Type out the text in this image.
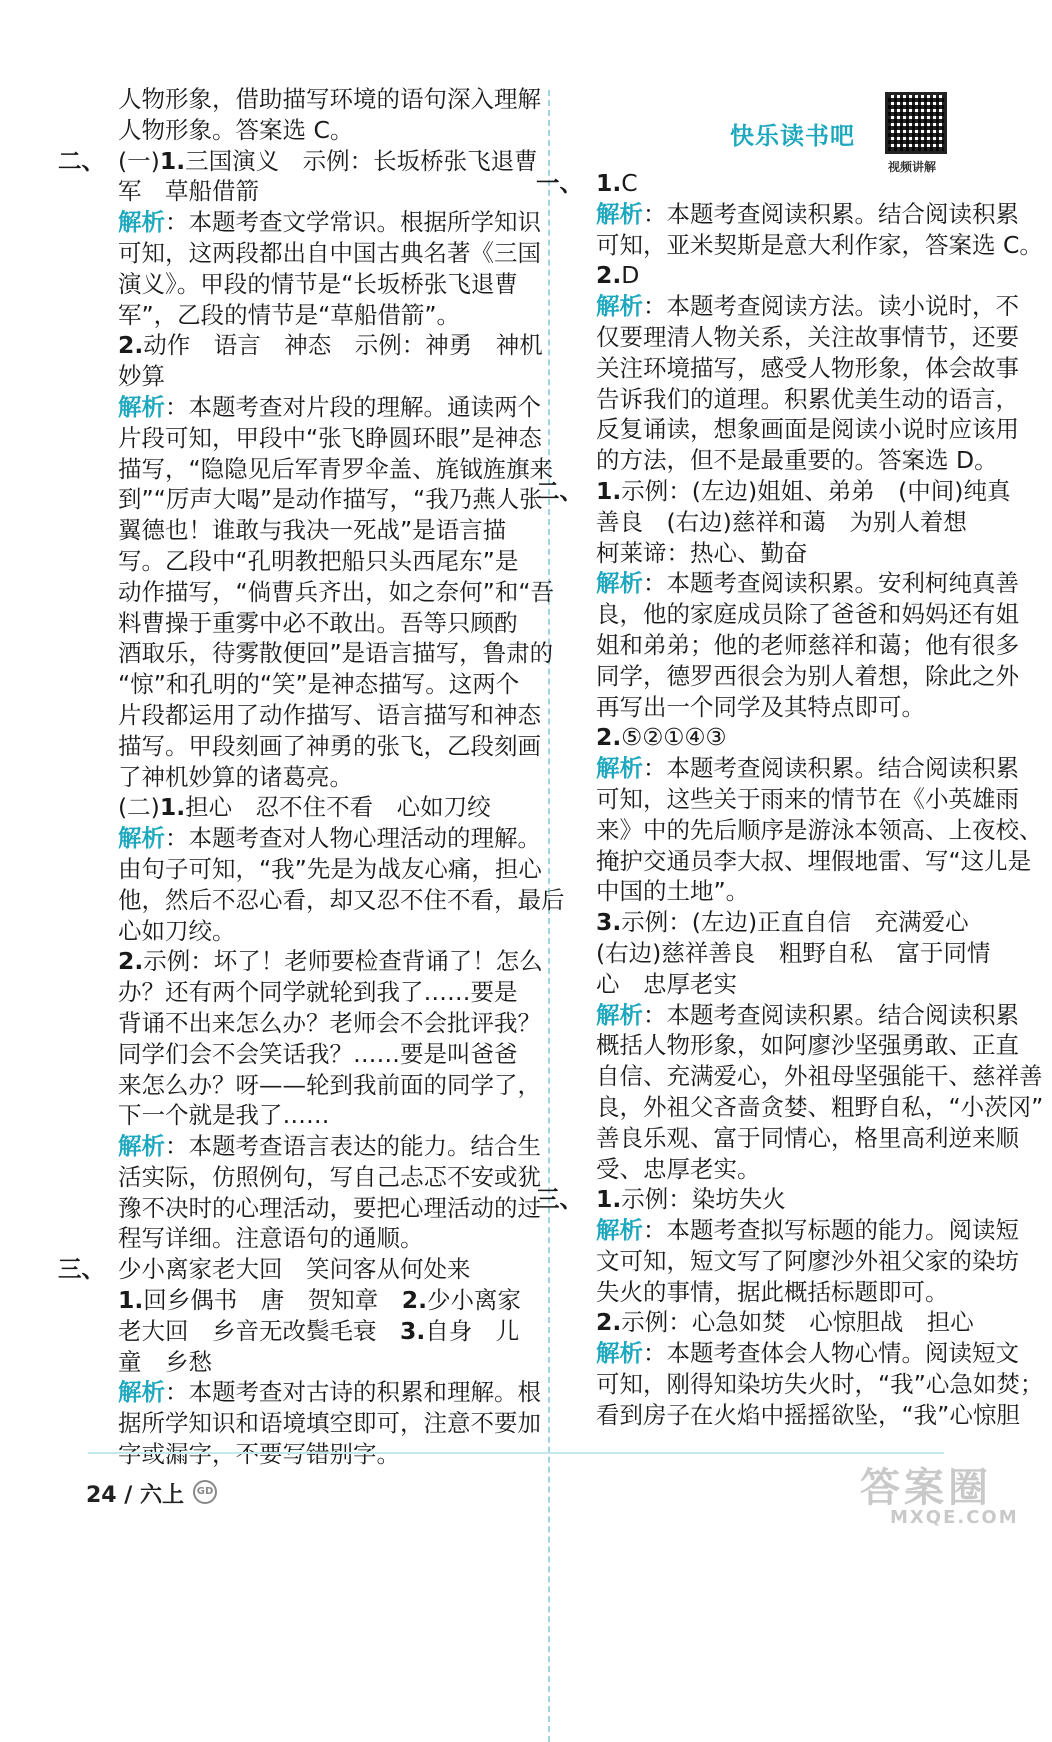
快乐读书吧
视频讲解
人物形象，借助描写环境的语句深入理解
人物形象。答案选 C。
二、 (一)1.三国演义　示例：长坂桥张飞退曹
军　草船借箭
解析：本题考查文学常识。根据所学知识
可知，这两段都出自中国古典名著《三国
演义》。甲段的情节是“长坂桥张飞退曹
军”，乙段的情节是“草船借箭”。
2.动作　语言　神态　示例：神勇　神机
妙算
解析：本题考查对片段的理解。通读两个
片段可知，甲段中“张飞睁圆环眼”是神态
描写，“隐隐见后军青罗伞盖、旄钺旌旗来
到”“厉声大喝”是动作描写，“我乃燕人张
翼德也！谁敢与我决一死战”是语言描
写。乙段中“孔明教把船只头西尾东”是
动作描写，“倘曹兵齐出，如之奈何”和“吾
料曹操于重雾中必不敢出。吾等只顾酌
酒取乐，待雾散便回”是语言描写，鲁肃的
“惊”和孔明的“笑”是神态描写。这两个
片段都运用了动作描写、语言描写和神态
描写。甲段刻画了神勇的张飞，乙段刻画
了神机妙算的诸葛亮。
(二)1.担心　忍不住不看　心如刀绞
解析：本题考查对人物心理活动的理解。
由句子可知，“我”先是为战友心痛，担心
他，然后不忍心看，却又忍不住不看，最后
心如刀绞。
2.示例：坏了！老师要检查背诵了！怎么
办？还有两个同学就轮到我了……要是
背诵不出来怎么办？老师会不会批评我？
同学们会不会笑话我？……要是叫爸爸
来怎么办？呀——轮到我前面的同学了，
下一个就是我了……
解析：本题考查语言表达的能力。结合生
活实际，仿照例句，写自己忐忑不安或犹
豫不决时的心理活动，要把心理活动的过
程写详细。注意语句的通顺。
三、 少小离家老大回　笑问客从何处来
1.回乡偶书　唐　贺知章　2.少小离家
老大回　乡音无改鬓毛衰　3.自身　儿
童　乡愁
解析：本题考查对古诗的积累和理解。根
据所学知识和语境填空即可，注意不要加
字或漏字，不要写错别字。
一、 1.C
解析：本题考查阅读积累。结合阅读积累
可知，亚米契斯是意大利作家，答案选 C。
2.D
解析：本题考查阅读方法。读小说时，不
仅要理清人物关系，关注故事情节，还要
关注环境描写，感受人物形象，体会故事
告诉我们的道理。积累优美生动的语言，
反复诵读，想象画面是阅读小说时应该用
的方法，但不是最重要的。答案选 D。
二、 1.示例：(左边)姐姐、弟弟　(中间)纯真
善良　(右边)慈祥和蔼　为别人着想
柯莱谛：热心、勤奋
解析：本题考查阅读积累。安利柯纯真善
良，他的家庭成员除了爸爸和妈妈还有姐
姐和弟弟；他的老师慈祥和蔼；他有很多
同学，德罗西很会为别人着想，除此之外
再写出一个同学及其特点即可。
2.⑤②①④③
解析：本题考查阅读积累。结合阅读积累
可知，这些关于雨来的情节在《小英雄雨
来》中的先后顺序是游泳本领高、上夜校、
掩护交通员李大叔、埋假地雷、写“这儿是
中国的土地”。
3.示例：(左边)正直自信　充满爱心
(右边)慈祥善良　粗野自私　富于同情
心　忠厚老实
解析：本题考查阅读积累。结合阅读积累
概括人物形象，如阿廖沙坚强勇敢、正直
自信、充满爱心，外祖母坚强能干、慈祥善
良，外祖父吝啬贪婪、粗野自私，“小茨冈”
善良乐观、富于同情心，格里高利逆来顺
受、忠厚老实。
三、 1.示例：染坊失火
解析：本题考查拟写标题的能力。阅读短
文可知，短文写了阿廖沙外祖父家的染坊
失火的事情，据此概括标题即可。
2.示例：心急如焚　心惊胆战　担心
解析：本题考查体会人物心情。阅读短文
可知，刚得知染坊失火时，“我”心急如焚；
看到房子在火焰中摇摇欲坠，“我”心惊胆
24 / 六上	GD	答案圈
MXQE.COM
